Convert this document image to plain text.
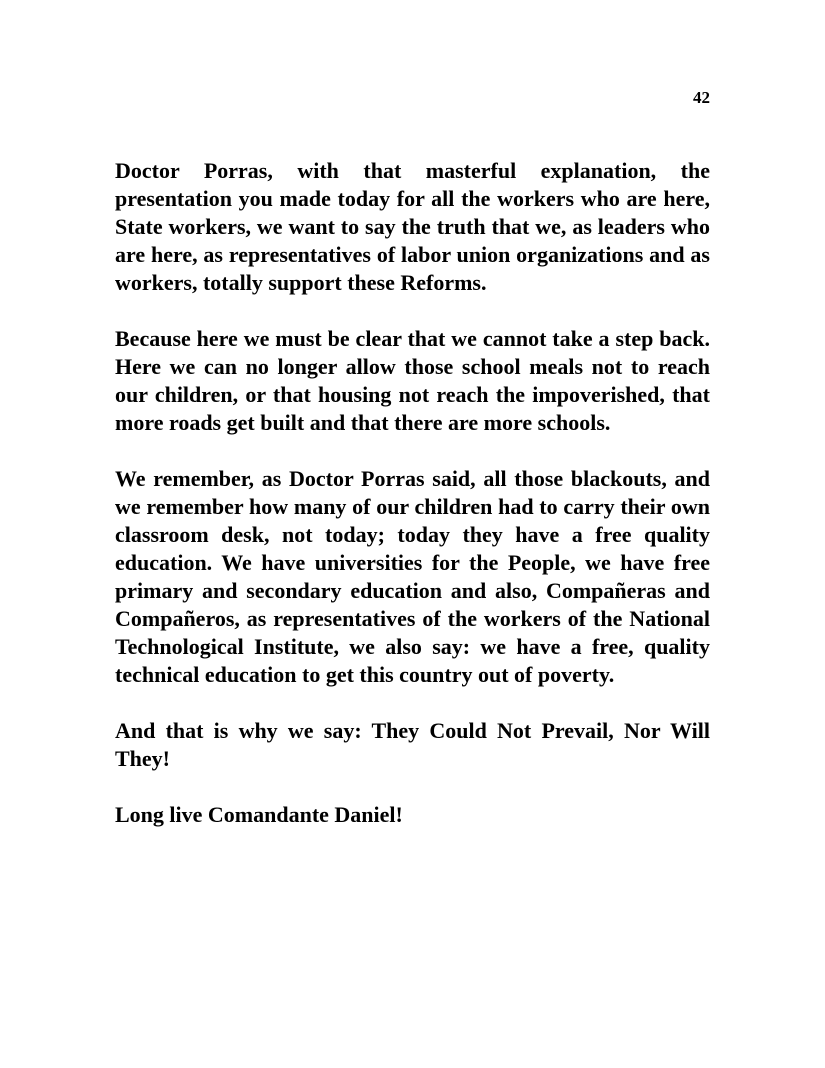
42

Doctor Porras, with that masterful explanation, the presentation you made today for all the workers who are here, State workers, we want to say the truth that we, as leaders who are here, as representatives of labor union organizations and as workers, totally support these Reforms.

Because here we must be clear that we cannot take a step back. Here we can no longer allow those school meals not to reach our children, or that housing not reach the impoverished, that more roads get built and that there are more schools.

We remember, as Doctor Porras said, all those blackouts, and we remember how many of our children had to carry their own classroom desk, not today; today they have a free quality education. We have universities for the People, we have free primary and secondary education and also, Compañeras and Compañeros, as representatives of the workers of the National Technological Institute, we also say: we have a free, quality technical education to get this country out of poverty.

And that is why we say: They Could Not Prevail, Nor Will They!

Long live Comandante Daniel!
